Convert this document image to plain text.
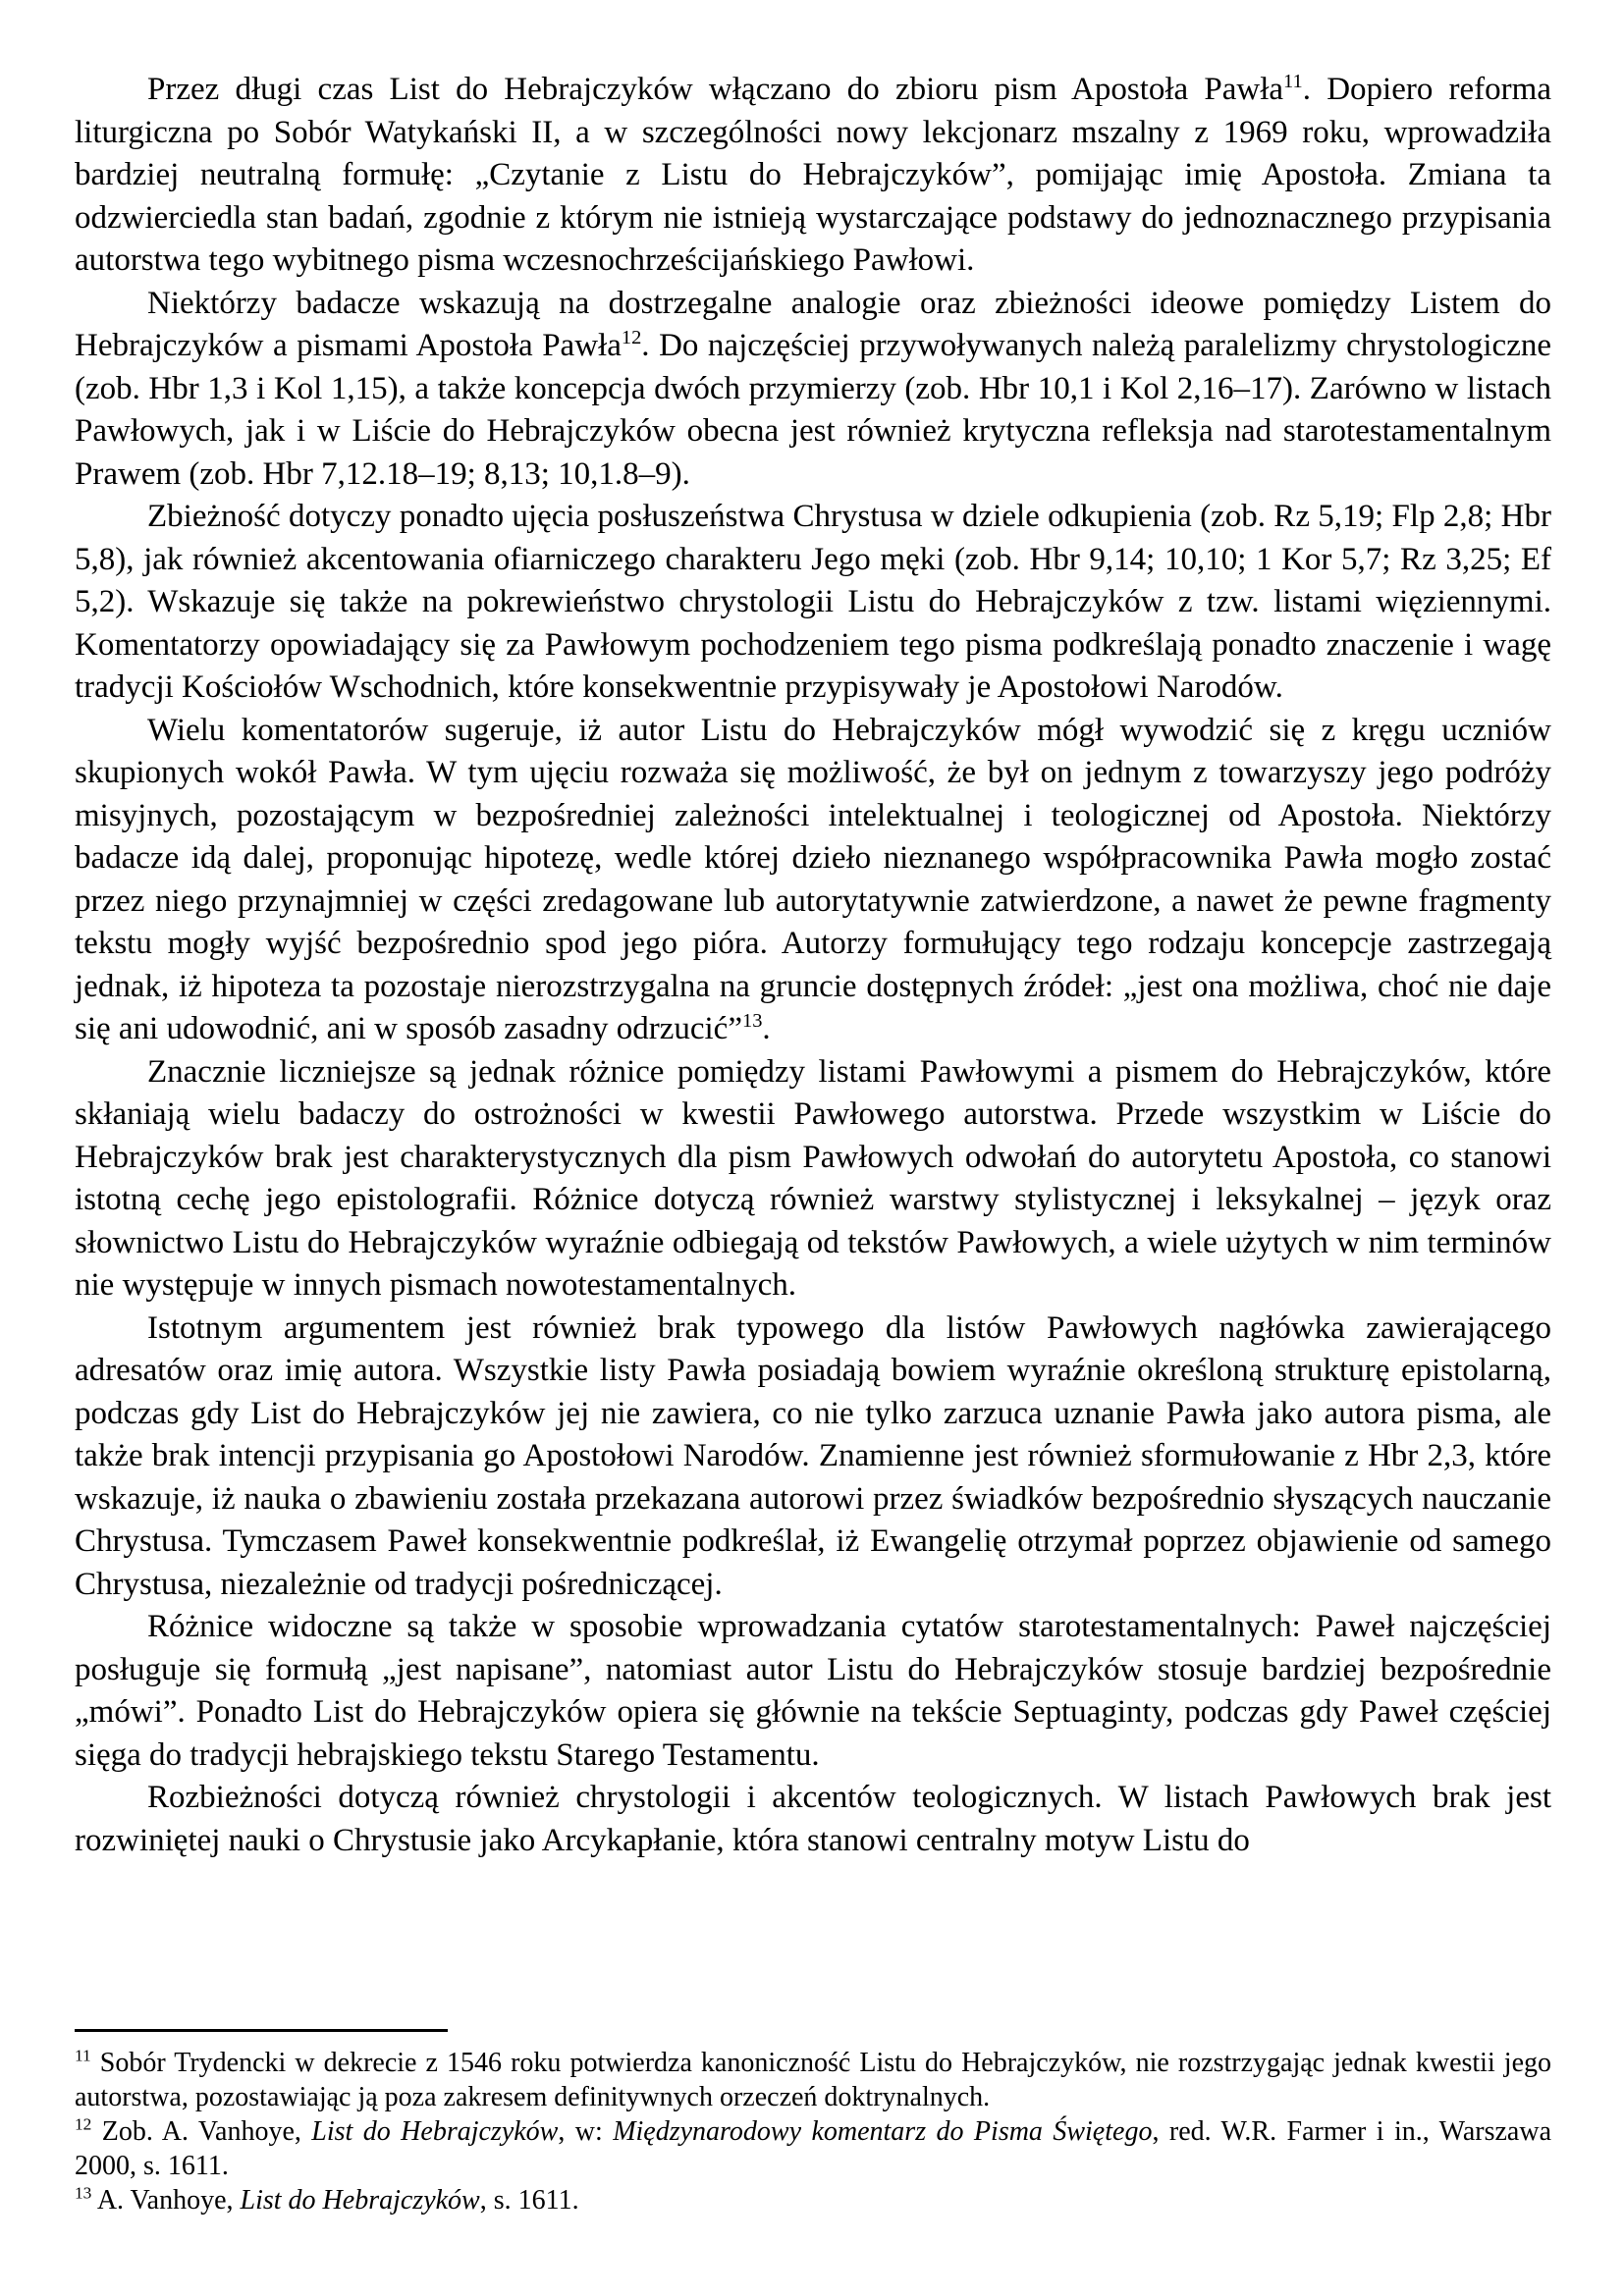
Przez długi czas List do Hebrajczyków włączano do zbioru pism Apostoła Pawła$^{11}$. Dopiero reforma liturgiczna po Sobór Watykański II, a w szczególności nowy lekcjonarz mszalny z 1969 roku, wprowadziła bardziej neutralną formułę: „Czytanie z Listu do Hebrajczyków”, pomijając imię Apostoła. Zmiana ta odzwierciedla stan badań, zgodnie z którym nie istnieją wystarczające podstawy do jednoznacznego przypisania autorstwa tego wybitnego pisma wczesnochrześcijańskiego Pawłowi.

Niektórzy badacze wskazują na dostrzegalne analogie oraz zbieżności ideowe pomiędzy Listem do Hebrajczyków a pismami Apostoła Pawła$^{12}$. Do najczęściej przywoływanych należą paralelizmy chrystologiczne (zob. Hbr 1,3 i Kol 1,15), a także koncepcja dwóch przymierzy (zob. Hbr 10,1 i Kol 2,16–17). Zarówno w listach Pawłowych, jak i w Liście do Hebrajczyków obecna jest również krytyczna refleksja nad starotestamentalnym Prawem (zob. Hbr 7,12.18–19; 8,13; 10,1.8–9).

Zbieżność dotyczy ponadto ujęcia posłuszeństwa Chrystusa w dziele odkupienia (zob. Rz 5,19; Flp 2,8; Hbr 5,8), jak również akcentowania ofiarniczego charakteru Jego męki (zob. Hbr 9,14; 10,10; 1 Kor 5,7; Rz 3,25; Ef 5,2). Wskazuje się także na pokrewieństwo chrystologii Listu do Hebrajczyków z tzw. listami więziennymi. Komentatorzy opowiadający się za Pawłowym pochodzeniem tego pisma podkreślają ponadto znaczenie i wagę tradycji Kościołów Wschodnich, które konsekwentnie przypisywały je Apostołowi Narodów.

Wielu komentatorów sugeruje, iż autor Listu do Hebrajczyków mógł wywodzić się z kręgu uczniów skupionych wokół Pawła. W tym ujęciu rozważa się możliwość, że był on jednym z towarzyszy jego podróży misyjnych, pozostającym w bezpośredniej zależności intelektualnej i teologicznej od Apostoła. Niektórzy badacze idą dalej, proponując hipotezę, wedle której dzieło nieznanego współpracownika Pawła mogło zostać przez niego przynajmniej w części zredagowane lub autorytatywnie zatwierdzone, a nawet że pewne fragmenty tekstu mogły wyjść bezpośrednio spod jego pióra. Autorzy formułujący tego rodzaju koncepcje zastrzegają jednak, iż hipoteza ta pozostaje nierozstrzygalna na gruncie dostępnych źródeł: „jest ona możliwa, choć nie daje się ani udowodnić, ani w sposób zasadny odrzucić”$^{13}$.

Znacznie liczniejsze są jednak różnice pomiędzy listami Pawłowymi a pismem do Hebrajczyków, które skłaniają wielu badaczy do ostrożności w kwestii Pawłowego autorstwa. Przede wszystkim w Liście do Hebrajczyków brak jest charakterystycznych dla pism Pawłowych odwołań do autorytetu Apostoła, co stanowi istotną cechę jego epistolografii. Różnice dotyczą również warstwy stylistycznej i leksykalnej – język oraz słownictwo Listu do Hebrajczyków wyraźnie odbiegają od tekstów Pawłowych, a wiele użytych w nim terminów nie występuje w innych pismach nowotestamentalnych.

Istotnym argumentem jest również brak typowego dla listów Pawłowych nagłówka zawierającego adresatów oraz imię autora. Wszystkie listy Pawła posiadają bowiem wyraźnie określoną strukturę epistolarną, podczas gdy List do Hebrajczyków jej nie zawiera, co nie tylko zarzuca uznanie Pawła jako autora pisma, ale także brak intencji przypisania go Apostołowi Narodów. Znamienne jest również sformułowanie z Hbr 2,3, które wskazuje, iż nauka o zbawieniu została przekazana autorowi przez świadków bezpośrednio słyszących nauczanie Chrystusa. Tymczasem Paweł konsekwentnie podkreślał, iż Ewangelię otrzymał poprzez objawienie od samego Chrystusa, niezależnie od tradycji pośredniczącej.

Różnice widoczne są także w sposobie wprowadzania cytatów starotestamentalnych: Paweł najczęściej posługuje się formułą „jest napisane”, natomiast autor Listu do Hebrajczyków stosuje bardziej bezpośrednie „mówi”. Ponadto List do Hebrajczyków opiera się głównie na tekście Septuaginty, podczas gdy Paweł częściej sięga do tradycji hebrajskiego tekstu Starego Testamentu.

Rozbieżności dotyczą również chrystologii i akcentów teologicznych. W listach Pawłowych brak jest rozwiniętej nauki o Chrystusie jako Arcykapłanie, która stanowi centralny motyw Listu do

$^{11}$ Sobór Trydencki w dekrecie z 1546 roku potwierdza kanoniczność Listu do Hebrajczyków, nie rozstrzygając jednak kwestii jego autorstwa, pozostawiając ją poza zakresem definitywnych orzeczeń doktrynalnych.

$^{12}$ Zob. A. Vanhoye, List do Hebrajczyków, w: Międzynarodowy komentarz do Pisma Świętego, red. W.R. Farmer i in., Warszawa 2000, s. 1611.

$^{13}$ A. Vanhoye, List do Hebrajczyków, s. 1611.
